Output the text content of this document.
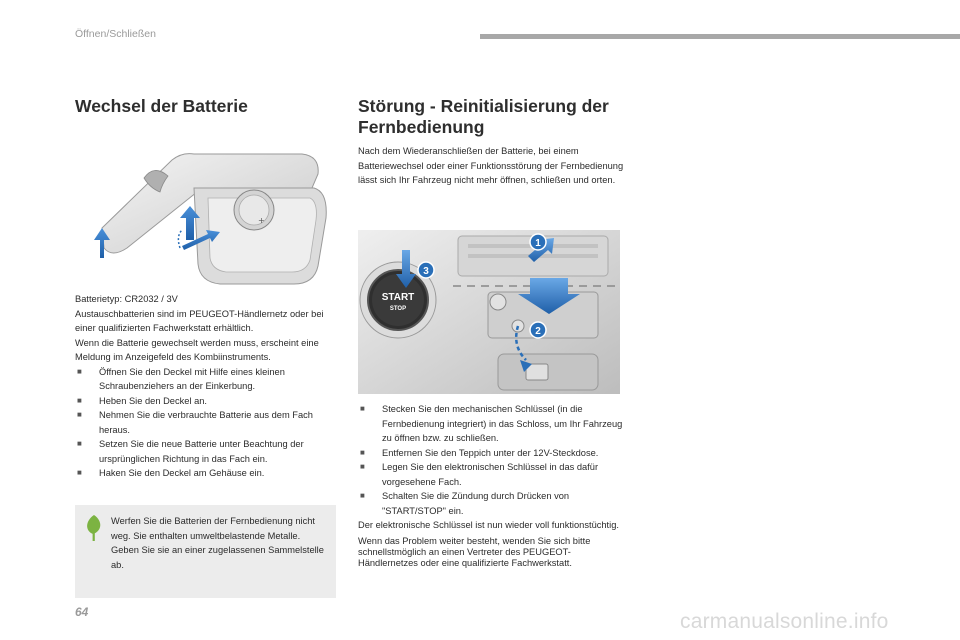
Öffnen/Schließen
Wechsel der Batterie
+

Batterietyp: CR2032 / 3V

Austauschbatterien sind im PEUGEOT-Händlernetz oder bei einer qualifizierten Fachwerkstatt erhältlich.

Wenn die Batterie gewechselt werden muss, erscheint eine Meldung im Anzeigefeld des Kombiinstruments.

■ Öffnen Sie den Deckel mit Hilfe eines kleinen Schraubenziehers an der Einkerbung.
■ Heben Sie den Deckel an.
■ Nehmen Sie die verbrauchte Batterie aus dem Fach heraus.
■ Setzen Sie die neue Batterie unter Beachtung der ursprünglichen Richtung in das Fach ein.
■ Haken Sie den Deckel am Gehäuse ein.

Werfen Sie die Batterien der Fernbedienung nicht weg. Sie enthalten umweltbelastende Metalle.

Geben Sie sie an einer zugelassenen Sammelstelle ab.

Störung - Reinitialisierung der Fernbedienung

Nach dem Wiederanschließen der Batterie, bei einem Batteriewechsel oder einer Funktionsstörung der Fernbedienung lässt sich Ihr Fahrzeug nicht mehr öffnen, schließen und orten.

START
STOP
1
2
3
■ Stecken Sie den mechanischen Schlüssel (in die Fernbedienung integriert) in das Schloss, um Ihr Fahrzeug zu öffnen bzw. zu schließen.
■ Entfernen Sie den Teppich unter der 12V-Steckdose.
■ Legen Sie den elektronischen Schlüssel in das dafür vorgesehene Fach.
■ Schalten Sie die Zündung durch Drücken von "START/STOP" ein.

Der elektronische Schlüssel ist nun wieder voll funktionstüchtig.

Wenn das Problem weiter besteht, wenden Sie sich bitte schnellstmöglich an einen Vertreter des PEUGEOT-Händlernetzes oder eine qualifizierte Fachwerkstatt.

64	carmanualsonline.info
